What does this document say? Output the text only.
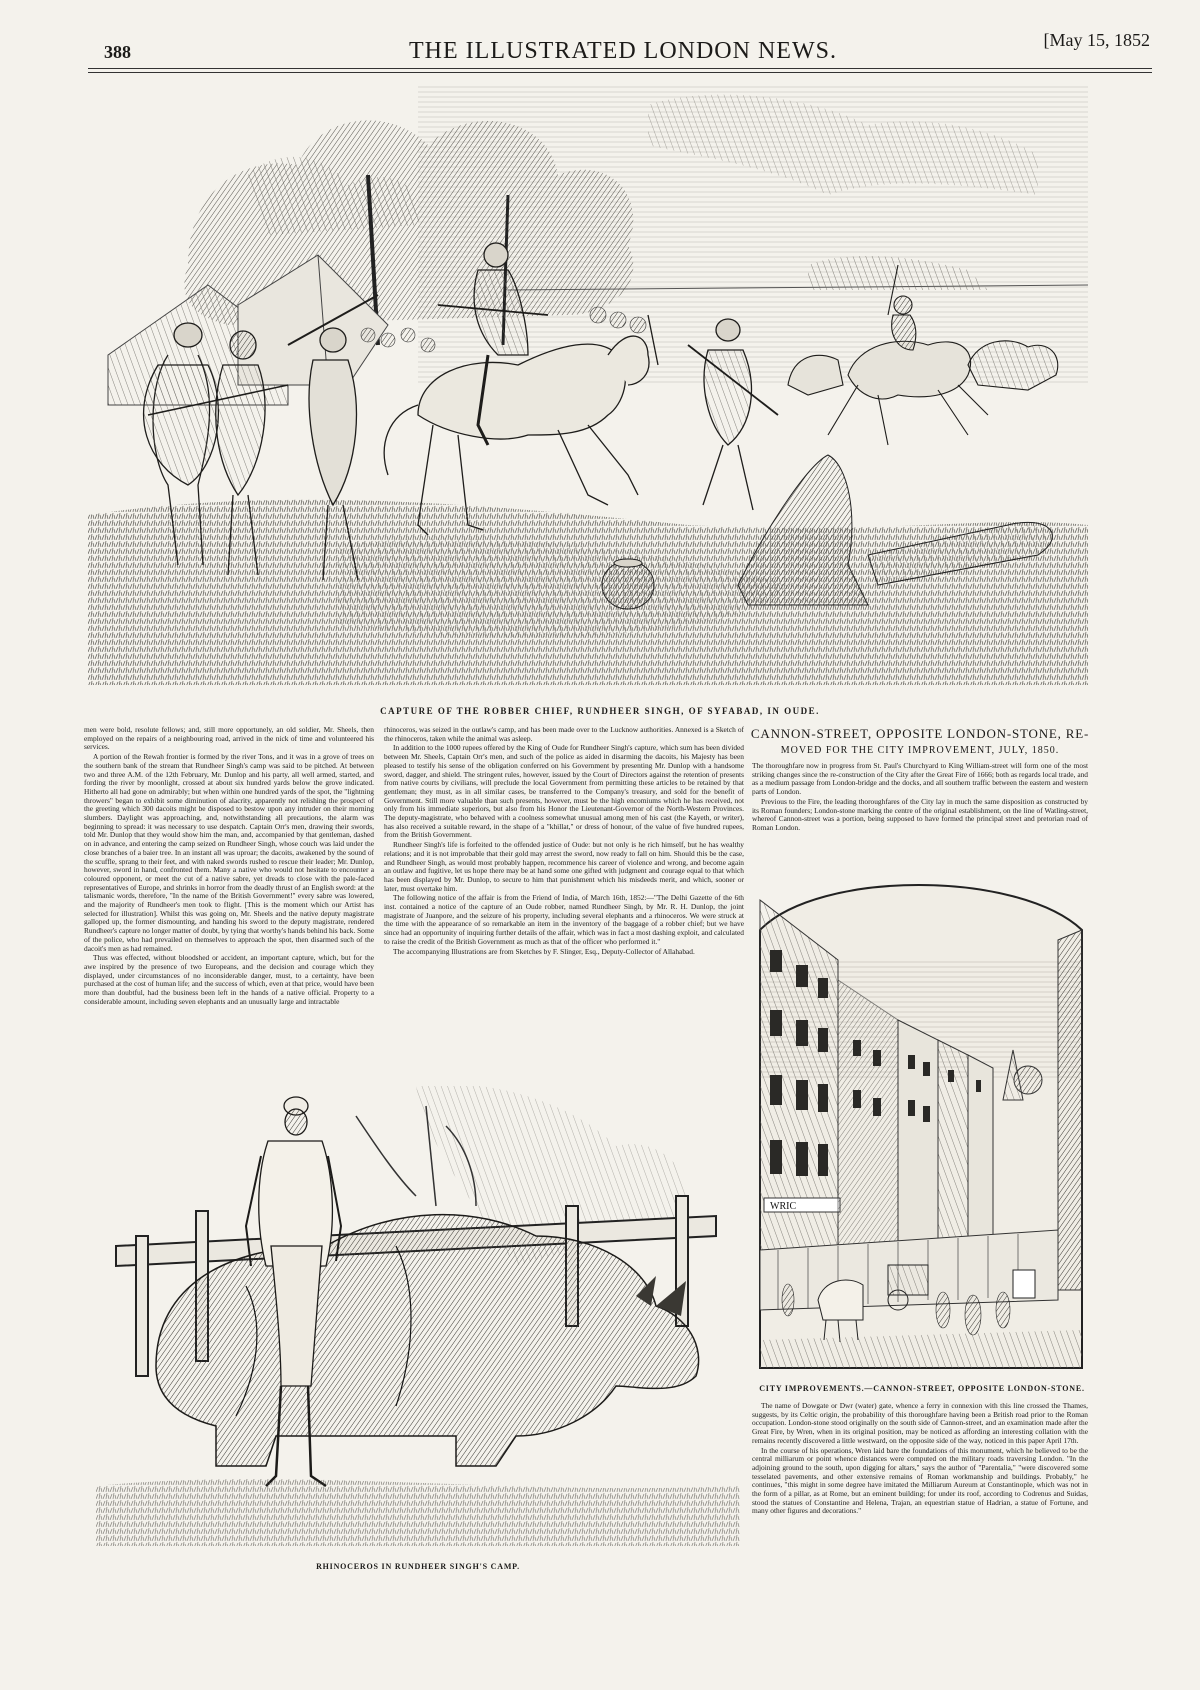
388	THE ILLUSTRATED LONDON NEWS.	[May 15, 1852
CAPTURE OF THE ROBBER CHIEF, RUNDHEER SINGH, OF SYFABAD, IN OUDE.

men were bold, resolute fellows; and, still more opportunely, an old soldier, Mr. Sheels, then employed on the repairs of a neighbouring road, arrived in the nick of time and volunteered his services.

A portion of the Rewah frontier is formed by the river Tons, and it was in a grove of trees on the southern bank of the stream that Rundheer Singh's camp was said to be pitched. At between two and three A.M. of the 12th February, Mr. Dunlop and his party, all well armed, started, and fording the river by moonlight, crossed at about six hundred yards below the grove indicated. Hitherto all had gone on admirably; but when within one hundred yards of the spot, the "lightning throwers" began to exhibit some diminution of alacrity, apparently not relishing the prospect of the greeting which 300 dacoits might be disposed to bestow upon any intruder on their morning slumbers. Daylight was approaching, and, notwithstanding all precautions, the alarm was beginning to spread: it was necessary to use despatch. Captain Orr's men, drawing their swords, told Mr. Dunlop that they would show him the man, and, accompanied by that gentleman, dashed on in advance, and entering the camp seized on Rundheer Singh, whose couch was laid under the close branches of a baier tree. In an instant all was uproar; the dacoits, awakened by the sound of the scuffle, sprang to their feet, and with naked swords rushed to rescue their leader; Mr. Dunlop, however, sword in hand, confronted them. Many a native who would not hesitate to encounter a coloured opponent, or meet the cut of a native sabre, yet dreads to close with the pale-faced representatives of Europe, and shrinks in horror from the deadly thrust of an English sword: at the talismanic words, therefore, "In the name of the British Government!" every sabre was lowered, and the majority of Rundheer's men took to flight. [This is the moment which our Artist has selected for illustration]. Whilst this was going on, Mr. Sheels and the native deputy magistrate galloped up, the former dismounting, and handing his sword to the deputy magistrate, rendered Rundheer's capture no longer matter of doubt, by tying that worthy's hands behind his back. Some of the police, who had prevailed on themselves to approach the spot, then disarmed such of the dacoit's men as had remained.

Thus was effected, without bloodshed or accident, an important capture, which, but for the awe inspired by the presence of two Europeans, and the decision and courage which they displayed, under circumstances of no inconsiderable danger, must, to a certainty, have been purchased at the cost of human life; and the success of which, even at that price, would have been more than doubtful, had the business been left in the hands of a native official. Property to a considerable amount, including seven elephants and an unusually large and intractable

rhinoceros, was seized in the outlaw's camp, and has been made over to the Lucknow authorities. Annexed is a Sketch of the rhinoceros, taken while the animal was asleep.

In addition to the 1000 rupees offered by the King of Oude for Rundheer Singh's capture, which sum has been divided between Mr. Sheels, Captain Orr's men, and such of the police as aided in disarming the dacoits, his Majesty has been pleased to testify his sense of the obligation conferred on his Government by presenting Mr. Dunlop with a handsome sword, dagger, and shield. The stringent rules, however, issued by the Court of Directors against the retention of presents from native courts by civilians, will preclude the local Government from permitting these articles to be retained by that gentleman; they must, as in all similar cases, be transferred to the Company's treasury, and sold for the benefit of Government. Still more valuable than such presents, however, must be the high encomiums which he has received, not only from his immediate superiors, but also from his Honor the Lieutenant-Governor of the North-Western Provinces. The deputy-magistrate, who behaved with a coolness somewhat unusual among men of his cast (the Kayeth, or writer), has also received a suitable reward, in the shape of a "khillat," or dress of honour, of the value of five hundred rupees, from the British Government.

Rundheer Singh's life is forfeited to the offended justice of Oude: but not only is he rich himself, but he has wealthy relations; and it is not improbable that their gold may arrest the sword, now ready to fall on him. Should this be the case, and Rundheer Singh, as would most probably happen, recommence his career of violence and wrong, and become again an outlaw and fugitive, let us hope there may be at hand some one gifted with judgment and courage equal to that which has been displayed by Mr. Dunlop, to secure to him that punishment which his misdeeds merit, and which, sooner or later, must overtake him.

The following notice of the affair is from the Friend of India, of March 16th, 1852:—"The Delhi Gazette of the 6th inst. contained a notice of the capture of an Oude robber, named Rundheer Singh, by Mr. R. H. Dunlop, the joint magistrate of Juanpore, and the seizure of his property, including several elephants and a rhinoceros. We were struck at the time with the appearance of so remarkable an item in the inventory of the baggage of a robber chief; but we have since had an opportunity of inquiring further details of the affair, which was in fact a most dashing exploit, and calculated to raise the credit of the British Government as much as that of the officer who performed it."

The accompanying Illustrations are from Sketches by F. Slinger, Esq., Deputy-Collector of Allahabad.

CANNON-STREET, OPPOSITE LONDON-STONE, RE-
MOVED FOR THE CITY IMPROVEMENT, JULY, 1850.

The thoroughfare now in progress from St. Paul's Churchyard to King William-street will form one of the most striking changes since the re-construction of the City after the Great Fire of 1666; both as regards local trade, and as a medium passage from London-bridge and the docks, and all southern traffic between the eastern and western parts of London.

Previous to the Fire, the leading thoroughfares of the City lay in much the same disposition as constructed by its Roman founders; London-stone marking the centre of the original establishment, on the line of Watling-street, whereof Cannon-street was a portion, being supposed to have formed the principal street and pretorian road of Roman London.

WRIC
CITY IMPROVEMENTS.—CANNON-STREET, OPPOSITE LONDON-STONE.

The name of Dowgate or Dwr (water) gate, whence a ferry in connexion with this line crossed the Thames, suggests, by its Celtic origin, the probability of this thoroughfare having been a British road prior to the Roman occupation. London-stone stood originally on the south side of Cannon-street, and an examination made after the Great Fire, by Wren, when in its original position, may be noticed as affording an interesting collation with the remains recently discovered a little westward, on the opposite side of the way, noticed in this paper April 17th.

In the course of his operations, Wren laid bare the foundations of this monument, which he believed to be the central milliarum or point whence distances were computed on the military roads traversing London. "In the adjoining ground to the south, upon digging for altars," says the author of "Parentalia," "were discovered some tesselated pavements, and other extensive remains of Roman workmanship and buildings. Probably," he continues, "this might in some degree have imitated the Milliarum Aureum at Constantinople, which was not in the form of a pillar, as at Rome, but an eminent building; for under its roof, according to Codrenus and Suidas, stood the statues of Constantine and Helena, Trajan, an equestrian statue of Hadrian, a statue of Fortune, and many other figures and decorations."

RHINOCEROS IN RUNDHEER SINGH'S CAMP.
